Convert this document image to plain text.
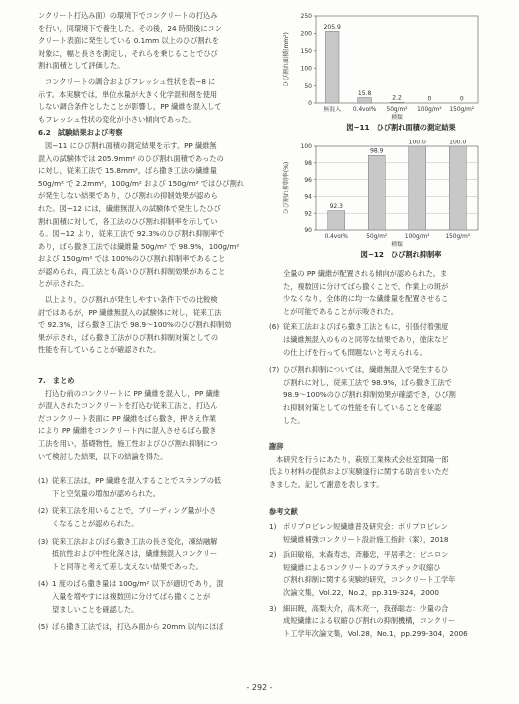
ンクリート打込み面）の環境下でコンクリートの打込み
を行い，同環境下で養生した。その後，24 時間後にコン
クリート表面に発生している 0.1mm 以上のひび割れを
対象に，幅と長さを測定し，それらを乗じることでひび
割れ面積として評価した。
コンクリートの調合およびフレッシュ性状を表−8 に
示す。本実験では，単位水量が大きく化学混和剤を使用
しない調合条件としたことが影響し，PP 繊維を混入して
もフレッシュ性状の変化が小さい傾向であった。
6.2　試験結果および考察
図−11 にひび割れ面積の測定結果を示す。PP 繊維無
混入の試験体では 205.9mm² のひび割れ面積であったの
に対し，従来工法で 15.8mm²，ばら撒き工法の繊維量
50g/m² で 2.2mm²，100g/m² および 150g/m² ではひび割れ
が発生しない結果であり，ひび割れの抑制効果が認めら
れた。図−12 には，繊維無混入の試験体で発生したひび
割れ面積に対して，各工法のひび割れ抑制率を示してい
る。図−12 より，従来工法で 92.3%のひび割れ抑制率で
あり，ばら撒き工法では繊維量 50g/m² で 98.9%，100g/m²
および 150g/m² では 100%のひび割れ抑制率であること
が認められ，両工法とも高いひび割れ抑制効果があること
とが示された。
以上より，ひび割れが発生しやすい条件下での比較検
討ではあるが，PP 繊維無混入の試験体に対し，従来工法
で 92.3%，ばら撒き工法で 98.9〜100%のひび割れ抑制効
果が示され，ばら撒き工法がひび割れ抑制対策としての
性能を有していることが確認された。
7.　まとめ
打込む前のコンクリートに PP 繊維を混入し，PP 繊維
が混入されたコンクリートを打込む従来工法と，打込ん
だコンクリート表面に PP 繊維をばら撒き，押さえ作業
により PP 繊維をコンクリート内に混入させるばら撒き
工法を用い，基礎物性，施工性およびひび割れ抑制につ
いて検討した結果，以下の結論を得た。
(1) 従来工法は，PP 繊維を混入することでスランプの低
下と空気量の増加が認められた。
(2) 従来工法を用いることで，ブリーディング量が小さ
くなることが認められた。
(3) 従来工法およびばら撒き工法の長さ変化，凍結融解
抵抗性および中性化深さは，繊維無混入コンクリー
トと同等と考えて差し支えない結果であった。
(4) 1 度のばら撒き量は 100g/m² 以下が適切であり，混
入量を増やすには複数回に分けてばら撒くことが
望ましいことを確認した。
(5) ばら撒き工法では，打込み面から 20mm 以内にほぼ
0
50
100
150
200
250
ひび割れ面積(mm²)
205.9
無混入
15.8
0.4vol%
2.2
50g/m²
0
100g/m²
0
150g/m²
種類
図−11　ひび割れ面積の測定結果
90
92
94
96
98
100
ひび割れ抑制率(%)	92.3
0.4vol%
98.9
50g/m²
100.0
100g/m²
100.0
150g/m²
種類
図−12　ひび割れ抑制率
全量の PP 繊維が配置される傾向が認められた。ま
た，複数回に分けてばら撒くことで，作業上の斑が
少なくなり，全体的に均一な繊維量を配置させるこ
とが可能であることが示唆された。
(6) 従来工法およびばら撒き工法ともに，引張付着強度
は繊維無混入のものと同等な結果であり，塗床など
の仕上げを行っても問題ないと考えられる。
(7) ひび割れ抑制については，繊維無混入で発生するひ
び割れに対し，従来工法で 98.9%，ばら撒き工法で
98.9〜100%のひび割れ抑制効果が確認でき，ひび割
れ抑制対策としての性能を有していることを確認
した。
謝辞
本研究を行うにあたり，萩原工業株式会社室賀陽一郎
氏より材料の提供および実験遂行に関する助言をいただ
きました。記して謝意を表します。
参考文献
1) ポリプロピレン短繊維普及研究会：ポリプロピレン
短繊維補強コンクリート設計施工指針（案），2018
2) 浜田敏裕，末森寿志，斉藤忠，平居孝之：ビニロン
短繊維によるコンクリートのプラスチック収縮ひ
び割れ抑制に関する実験的研究，コンクリート工学年
次論文集，Vol.22，No.2，pp.319-324，2000
3) 細田暁，高梨大介，高木亮一，我孫聡志：少量の合
成短繊維による収縮ひび割れの抑制機構，コンクリー
ト工学年次論文集，Vol.28，No.1，pp.299-304，2006
- 292 -
